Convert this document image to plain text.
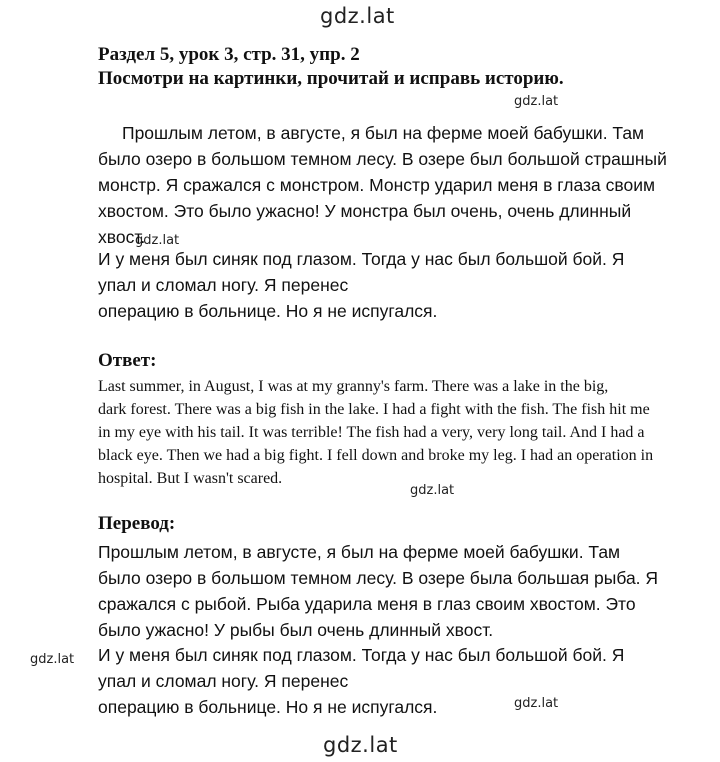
gdz.lat
gdz.lat
gdz.lat
gdz.lat
gdz.lat
gdz.lat
gdz.lat
Раздел 5, урок 3, стр. 31, упр. 2
Посмотри на картинки, прочитай и исправь историю.
Прошлым летом, в августе, я был на ферме моей бабушки. Там
было озеро в большом темном лесу. В озере был большой страшный
монстр. Я сражался с монстром. Монстр ударил меня в глаза своим
хвостом. Это было ужасно! У монстра был очень, очень длинный
хвост.
И у меня был синяк под глазом. Тогда у нас был большой бой. Я
упал и сломал ногу. Я перенес
операцию в больнице. Но я не испугался.
Ответ:
Last summer, in August, I was at my granny's farm. There was a lake in the big,
dark forest. There was a big fish in the lake. I had a fight with the fish. The fish hit me
in my eye with his tail. It was terrible! The fish had a very, very long tail. And I had a
black eye. Then we had a big fight. I fell down and broke my leg. I had an operation in
hospital. But I wasn't scared.
Перевод:
Прошлым летом, в августе, я был на ферме моей бабушки. Там
было озеро в большом темном лесу. В озере была большая рыба. Я
сражался с рыбой. Рыба ударила меня в глаз своим хвостом. Это
было ужасно! У рыбы был очень длинный хвост.
И у меня был синяк под глазом. Тогда у нас был большой бой. Я
упал и сломал ногу. Я перенес
операцию в больнице. Но я не испугался.
